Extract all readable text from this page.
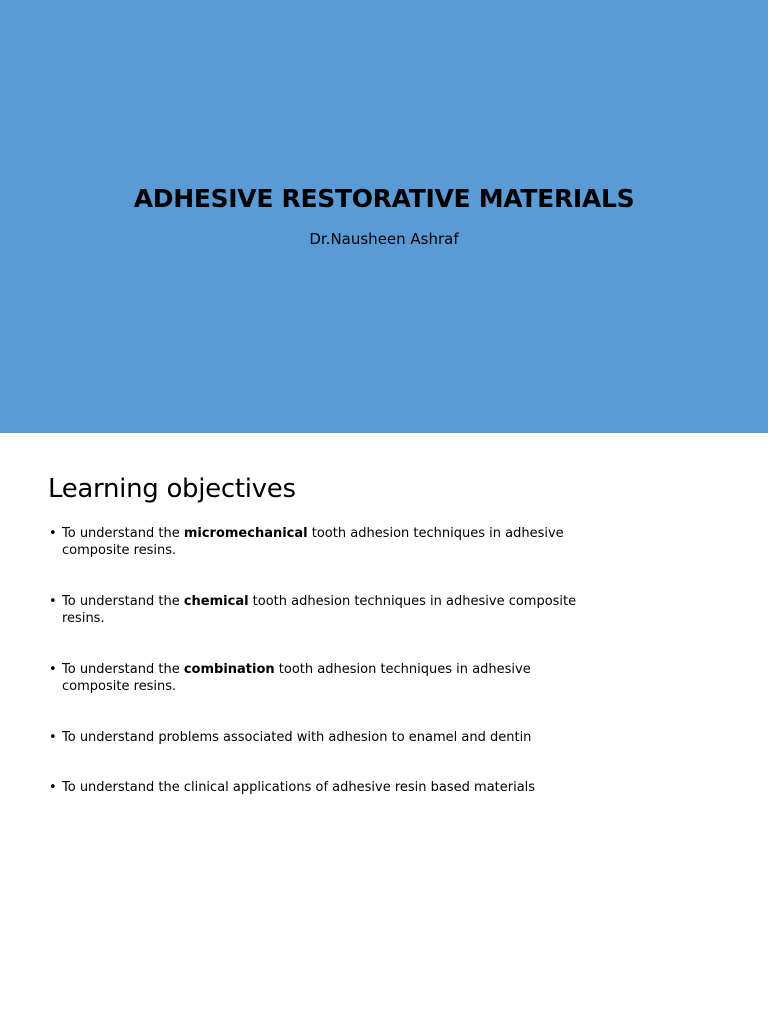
ADHESIVE RESTORATIVE MATERIALS

Dr.Nausheen Ashraf

Learning objectives
• To understand the micromechanical tooth adhesion techniques in adhesive composite resins.
• To understand the chemical tooth adhesion techniques in adhesive composite resins.
• To understand the combination tooth adhesion techniques in adhesive composite resins.
• To understand problems associated with adhesion to enamel and dentin
• To understand the clinical applications of adhesive resin based materials
